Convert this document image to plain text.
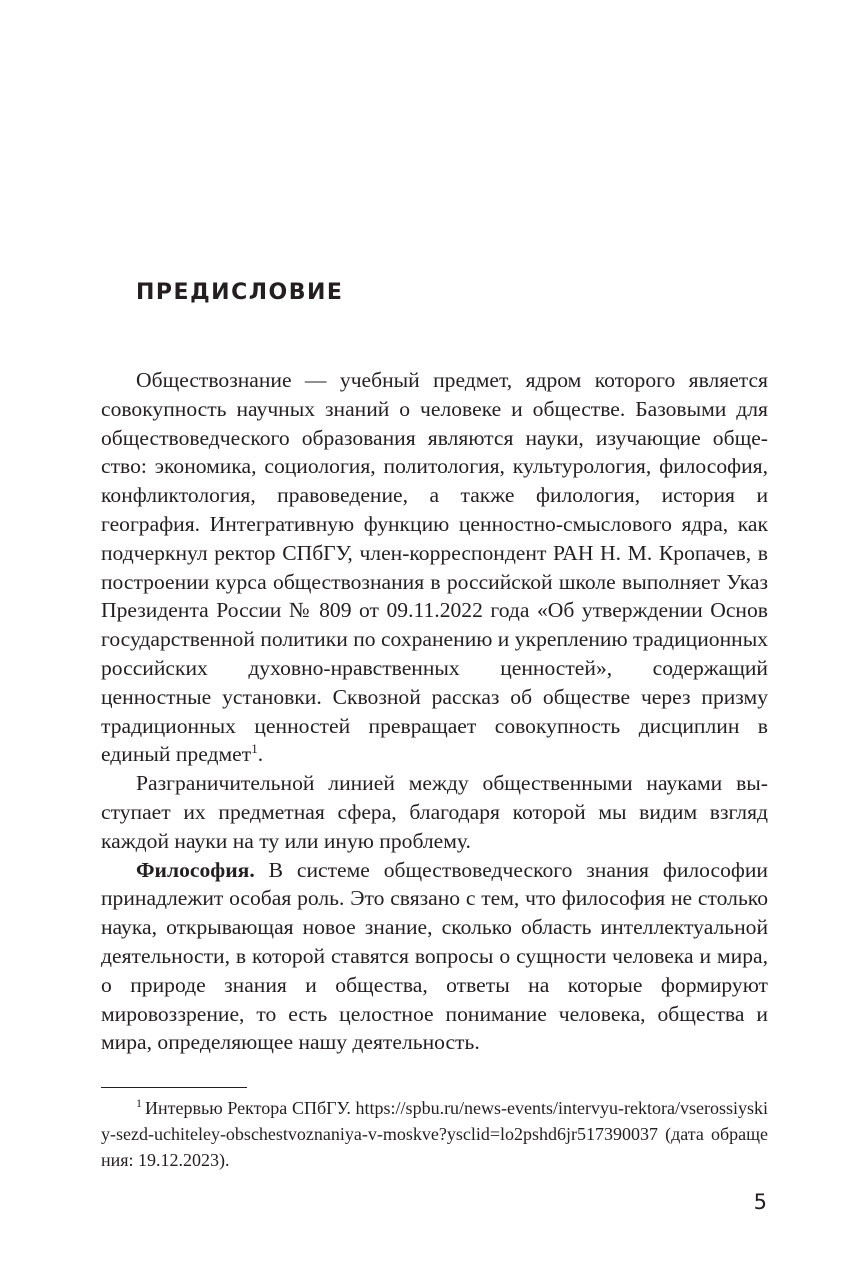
ПРЕДИСЛОВИЕ

Обществознание — учебный предмет, ядром которого является совокупность научных знаний о человеке и обществе. Базовыми для обществоведческого образования являются науки, изучающие общество: экономика, социология, политология, культурология, философия, конфликтология, правоведение, а также филология, история и география. Интегративную функцию ценностно-смыслового ядра, как подчеркнул ректор СПбГУ, член-корреспондент РАН Н. М. Кропачев, в построении курса обществознания в российской школе выполняет Указ Президента России № 809 от 09.11.2022 года «Об утверждении Основ государственной политики по сохранению и укреплению традиционных российских духовно-нравственных ценностей», содержащий ценностные установки. Сквозной рассказ об обществе через призму традиционных ценностей превращает совокупность дисциплин в единый предмет$^1$.

Разграничительной линией между общественными науками выступает их предметная сфера, благодаря которой мы видим взгляд каждой науки на ту или иную проблему.

Философия. В системе обществоведческого знания философии принадлежит особая роль. Это связано с тем, что философия не столько наука, открывающая новое знание, сколько область интеллектуальной деятельности, в которой ставятся вопросы о сущности человека и мира, о природе знания и общества, ответы на которые формируют мировоззрение, то есть целостное понимание человека, общества и мира, определяющее нашу деятельность.

$^1$ Интервью Ректора СПбГУ. https://spbu.ru/news-events/intervyu-rektora/vserossiyskiy-sezd-uchiteley-obschestvoznaniya-v-moskve?ysclid=lo2pshd6jr517390037 (дата обращения: 19.12.2023).

5
